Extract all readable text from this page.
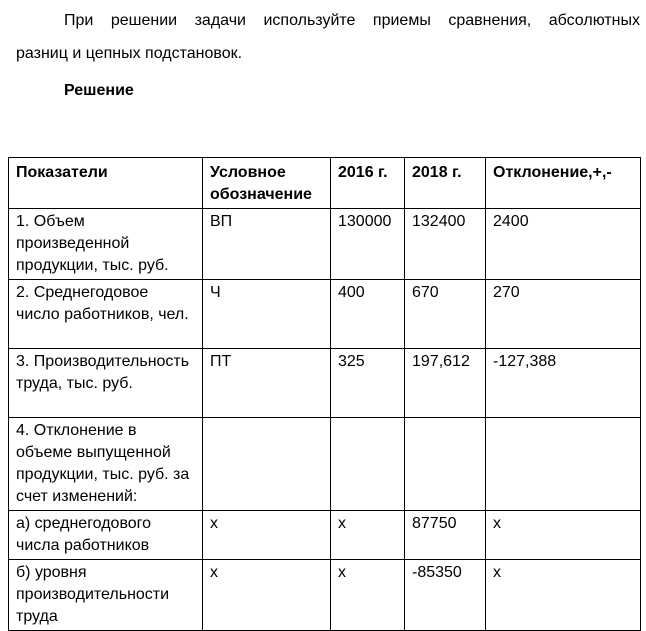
При решении задачи используйте приемы сравнения, абсолютных
разниц и цепных подстановок.

Решение

Показатели	Условное обозначение	2016 г.	2018 г.	Отклонение,+,-
1. Объем произведенной продукции, тыс. руб.	ВП	130000	132400	2400
2. Среднегодовое число работников, чел.	Ч	400	670	270
3. Производительность труда, тыс. руб.	ПТ	325	197,612	-127,388
4. Отклонение в объеме выпущенной продукции, тыс. руб. за счет изменений:				
а) среднегодового числа работников	х	х	87750	х
б) уровня производительности труда	х	х	-85350	х
